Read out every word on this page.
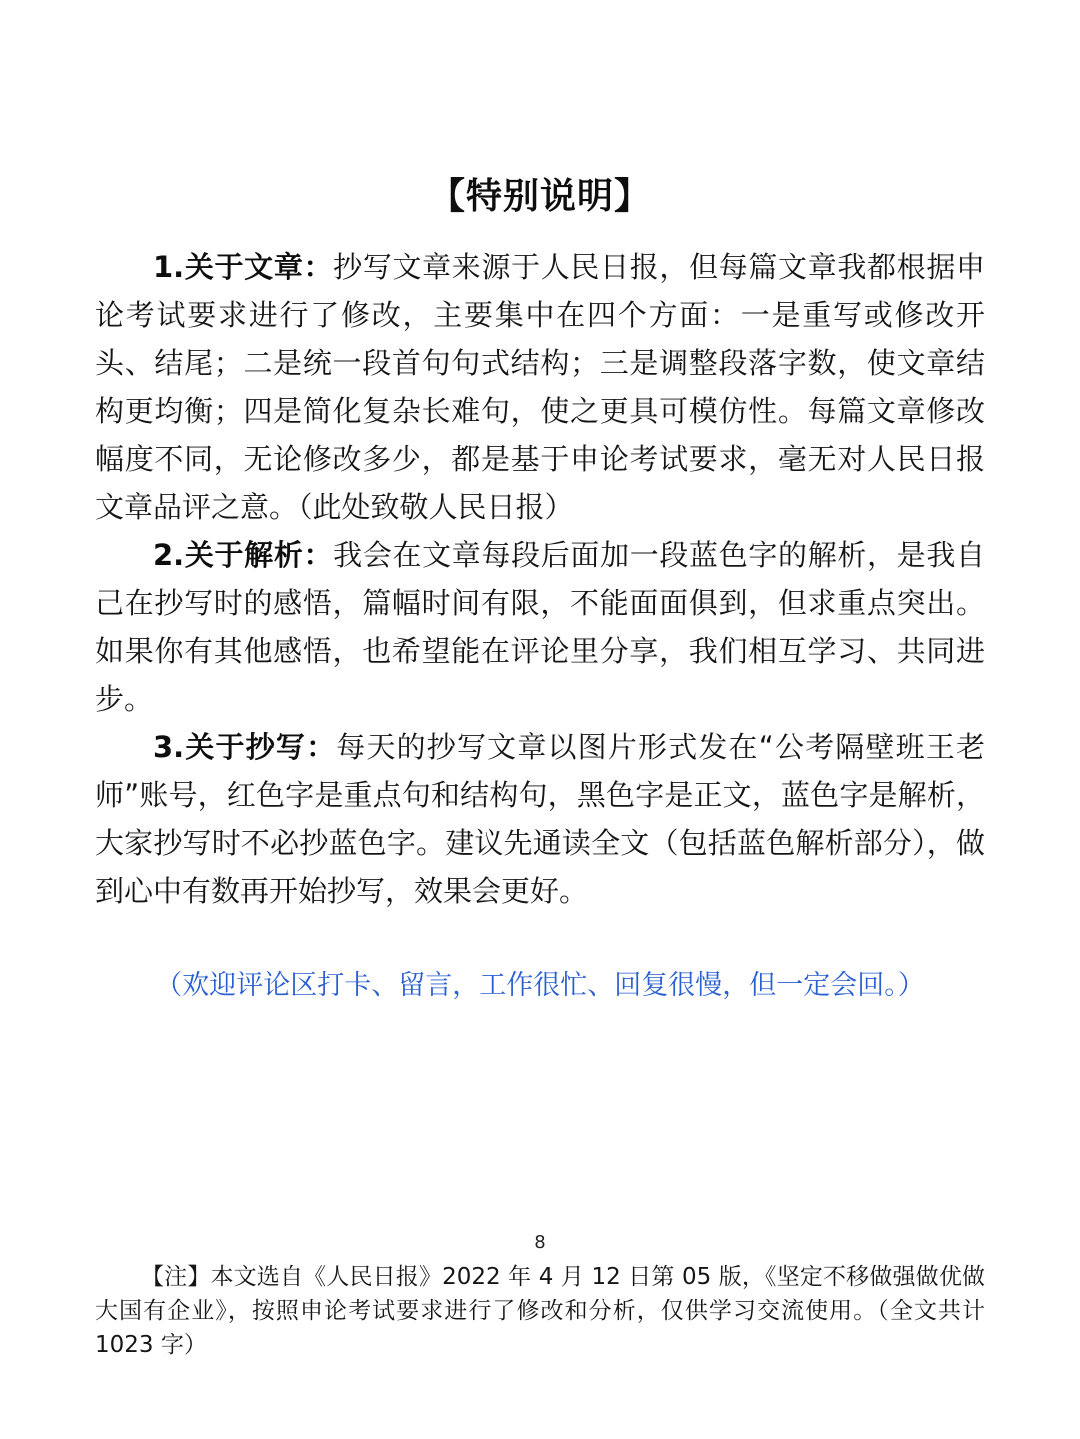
【特别说明】

1.关于文章：抄写文章来源于人民日报，但每篇文章我都根据申论考试要求进行了修改，主要集中在四个方面：一是重写或修改开头、结尾；二是统一段首句句式结构；三是调整段落字数，使文章结构更均衡；四是简化复杂长难句，使之更具可模仿性。每篇文章修改幅度不同，无论修改多少，都是基于申论考试要求，毫无对人民日报文章品评之意。（此处致敬人民日报）

2.关于解析：我会在文章每段后面加一段蓝色字的解析，是我自己在抄写时的感悟，篇幅时间有限，不能面面俱到，但求重点突出。如果你有其他感悟，也希望能在评论里分享，我们相互学习、共同进步。

3.关于抄写：每天的抄写文章以图片形式发在“公考隔壁班王老师”账号，红色字是重点句和结构句，黑色字是正文，蓝色字是解析，大家抄写时不必抄蓝色字。建议先通读全文（包括蓝色解析部分），做到心中有数再开始抄写，效果会更好。

（欢迎评论区打卡、留言，工作很忙、回复很慢，但一定会回。）
8
【注】本文选自《人民日报》2022 年 4 月 12 日第 05 版，《坚定不移做强做优做大国有企业》，按照申论考试要求进行了修改和分析，仅供学习交流使用。（全文共计 1023 字）
